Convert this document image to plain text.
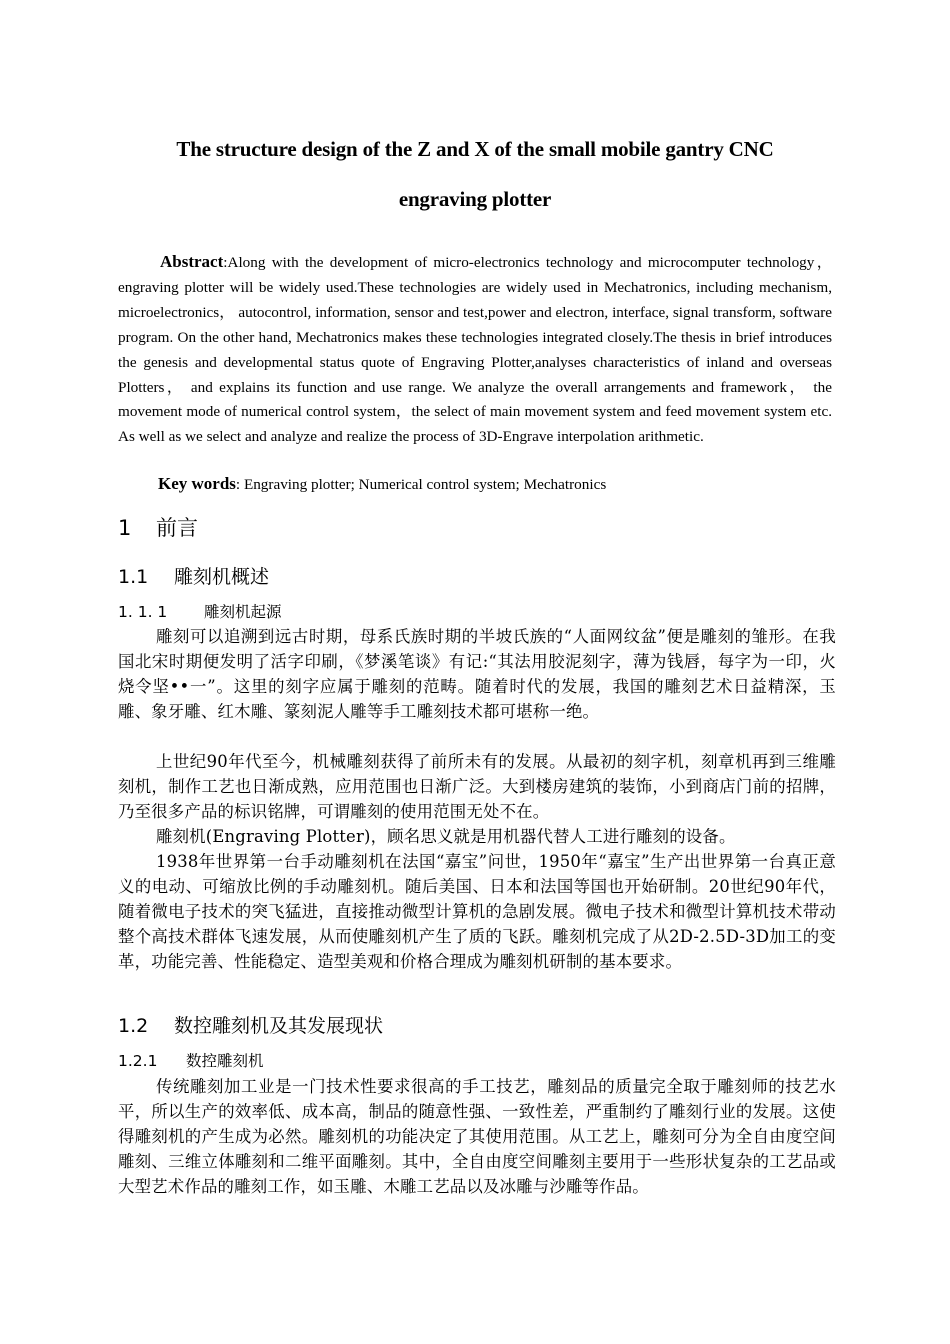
The structure design of the Z and X of the small mobile gantry CNC
engraving plotter
Abstract:Along with the development of micro-electronics technology and microcomputer technology，engraving plotter will be widely used.These technologies are widely used in Mechatronics, including mechanism, microelectronics， autocontrol, information, sensor and test,power and electron, interface, signal transform, software program. On the other hand, Mechatronics makes these technologies integrated closely.The thesis in brief introduces the genesis and developmental status quote of Engraving Plotter,analyses characteristics of inland and overseas Plotters， and explains its function and use range. We analyze the overall arrangements and framework， the movement mode of numerical control system，the select of main movement system and feed movement system etc. As well as we select and analyze and realize the process of 3D-Engrave interpolation arithmetic.
Key words: Engraving plotter; Numerical control system; Mechatronics
1 前言
1.1 雕刻机概述
1. 1. 1 雕刻机起源
雕刻可以追溯到远古时期，母系氏族时期的半坡氏族的“人面网纹盆”便是雕刻的雏形。在我国北宋时期便发明了活字印刷，《梦溪笔谈》有记:“其法用胶泥刻字，薄为钱唇，每字为一印，火烧令坚••一”。这里的刻字应属于雕刻的范畴。随着时代的发展，我国的雕刻艺术日益精深，玉雕、象牙雕、红木雕、篆刻泥人雕等手工雕刻技术都可堪称一绝。
上世纪90年代至今，机械雕刻获得了前所未有的发展。从最初的刻字机，刻章机再到三维雕刻机，制作工艺也日渐成熟，应用范围也日渐广泛。大到楼房建筑的装饰，小到商店门前的招牌，乃至很多产品的标识铭牌，可谓雕刻的使用范围无处不在。
雕刻机(Engraving Plotter)，顾名思义就是用机器代替人工进行雕刻的设备。
1938年世界第一台手动雕刻机在法国“嘉宝”问世，1950年“嘉宝”生产出世界第一台真正意义的电动、可缩放比例的手动雕刻机。随后美国、日本和法国等国也开始研制。20世纪90年代，随着微电子技术的突飞猛进，直接推动微型计算机的急剧发展。微电子技术和微型计算机技术带动整个高技术群体飞速发展，从而使雕刻机产生了质的飞跃。雕刻机完成了从2D-2.5D-3D加工的变革，功能完善、性能稳定、造型美观和价格合理成为雕刻机研制的基本要求。
1.2 数控雕刻机及其发展现状
1.2.1 数控雕刻机
传统雕刻加工业是一门技术性要求很高的手工技艺，雕刻品的质量完全取于雕刻师的技艺水平，所以生产的效率低、成本高，制品的随意性强、一致性差，严重制约了雕刻行业的发展。这使得雕刻机的产生成为必然。雕刻机的功能决定了其使用范围。从工艺上，雕刻可分为全自由度空间雕刻、三维立体雕刻和二维平面雕刻。其中，全自由度空间雕刻主要用于一些形状复杂的工艺品或大型艺术作品的雕刻工作，如玉雕、木雕工艺品以及冰雕与沙雕等作品。
